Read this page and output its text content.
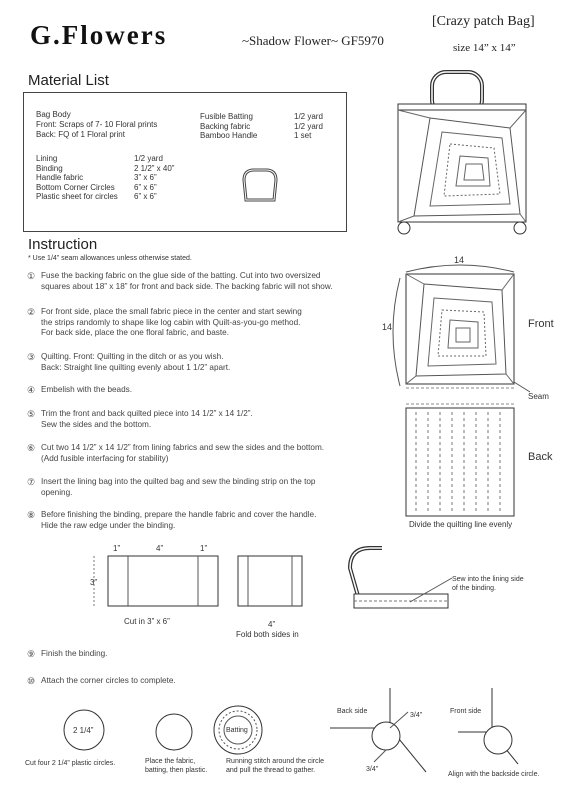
G.Flowers	~Shadow Flower~ GF5970
[Crazy patch Bag]
size 14” x 14”
Material List
Bag Body
Front: Scraps of 7- 10 Floral prints
Back: FQ of 1 Floral print
Lining	1/2 yard
Binding	2 1/2” x 40”
Handle fabric	3” x 6”
Bottom Corner Circles	6” x 6”
Plastic sheet for circles	6” x 6”
Fusible Batting	1/2 yard
Backing fabric	1/2 yard
Bamboo Handle	1 set
Instruction
* Use 1/4” seam allowances unless otherwise stated.
① Fuse the backing fabric on the glue side of the batting. Cut into two oversized
squares about 18” x 18” for front and back side. The backing fabric will not show.
② For front side, place the small fabric piece in the center and start sewing
the strips randomly to shape like log cabin with Quilt-as-you-go method.
For back side, place the one floral fabric, and baste.
③ Quilting. Front: Quilting in the ditch or as you wish.
Back: Straight line quilting evenly about 1 1/2” apart.
④ Embelish with the beads.
⑤ Trim the front and back quilted piece into 14 1/2” x 14 1/2”.
Sew the sides and the bottom.
⑥ Cut two 14 1/2” x 14 1/2” from lining fabrics and sew the sides and the bottom.
(Add fusible interfacing for stability)
⑦ Insert the lining bag into the quilted bag and sew the binding strip on the top
opening.
⑧ Before finishing the binding, prepare the handle fabric and cover the handle.
Hide the raw edge under the binding.
⑨ Finish the binding.
⑩ Attach the corner circles to complete.
14
14	Front
Seam
Back
Divide the quilting line evenly
1”	4”	1”
3”
Cut in 3” x 6”	4”
Fold both sides in
Sew into the lining side
of the binding.
2 1/4”
Cut four 2 1/4” plastic circles.	Place the fabric,
batting, then plastic.
Batting
Running stitch around the circle
and pull the thread to gather.
Back side
3/4”
3/4”
Front side
Align with the backside circle.
